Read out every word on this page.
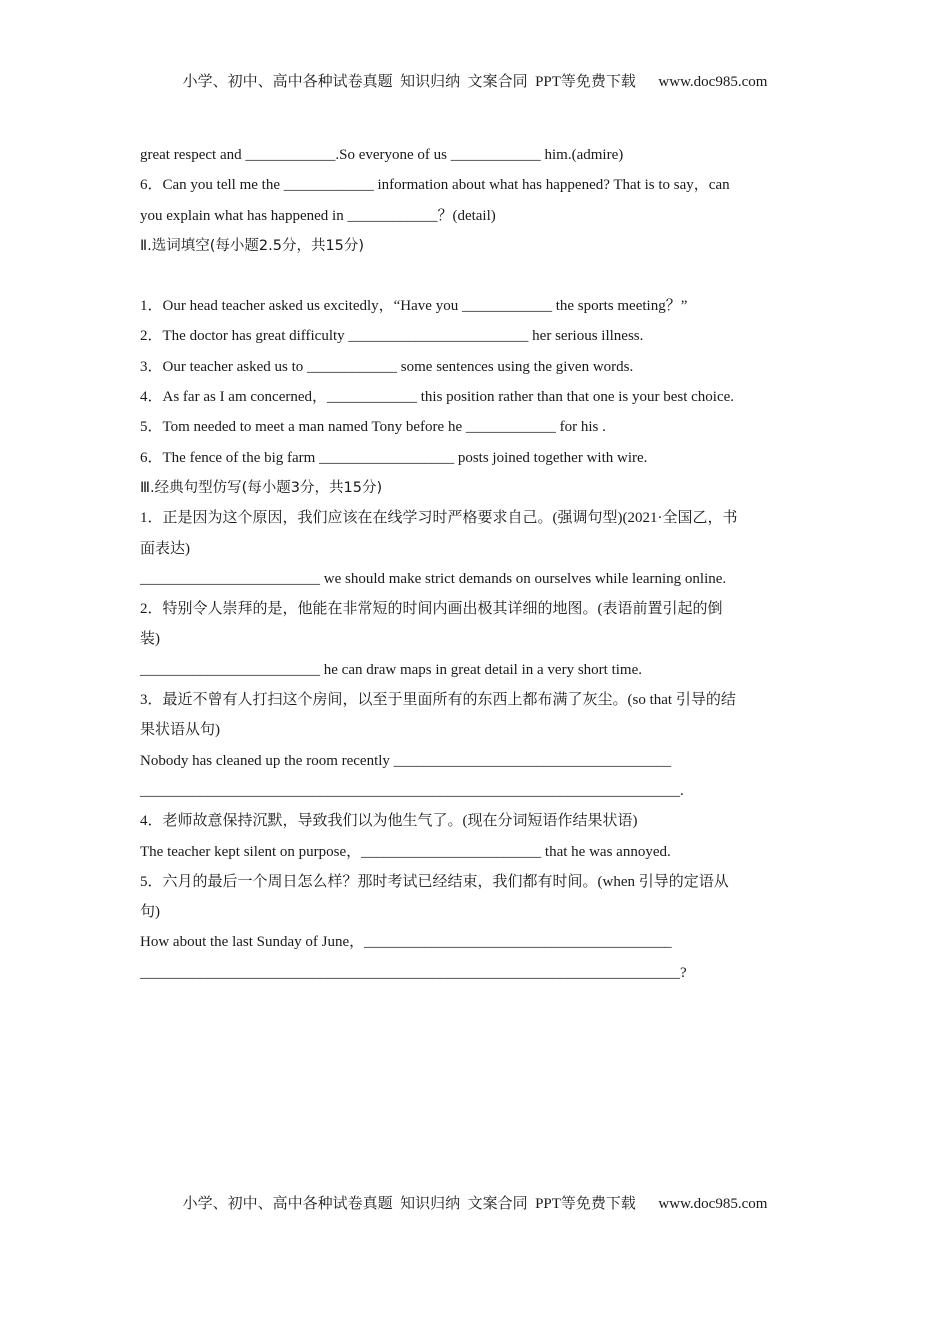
小学、初中、高中各种试卷真题  知识归纳  文案合同  PPT等免费下载      www.doc985.com
great respect and ____________.So everyone of us ____________ him.(admire)
6．Can you tell me the ____________ information about what has happened? That is to say，can
you explain what has happened in ____________？(detail)
Ⅱ.选词填空(每小题2.5分，共15分)
1．Our head teacher asked us excitedly，“Have you ____________ the sports meeting？”
2．The doctor has great difficulty ________________________ her serious illness.
3．Our teacher asked us to ____________ some sentences using the given words.
4．As far as I am concerned，____________ this position rather than that one is your best choice.
5．Tom needed to meet a man named Tony before he ____________ for his .
6．The fence of the big farm __________________ posts joined together with wire.
Ⅲ.经典句型仿写(每小题3分，共15分)
1．正是因为这个原因，我们应该在在线学习时严格要求自己。(强调句型)(2021·全国乙，书
面表达)
________________________ we should make strict demands on ourselves while learning online.
2．特别令人崇拜的是，他能在非常短的时间内画出极其详细的地图。(表语前置引起的倒
装)
________________________ he can draw maps in great detail in a very short time.
3．最近不曾有人打扫这个房间，以至于里面所有的东西上都布满了灰尘。(so that 引导的结
果状语从句)
Nobody has cleaned up the room recently _____________________________________
________________________________________________________________________.
4．老师故意保持沉默，导致我们以为他生气了。(现在分词短语作结果状语)
The teacher kept silent on purpose，________________________ that he was annoyed.
5．六月的最后一个周日怎么样？那时考试已经结束，我们都有时间。(when 引导的定语从
句)
How about the last Sunday of June，_________________________________________
________________________________________________________________________?
小学、初中、高中各种试卷真题  知识归纳  文案合同  PPT等免费下载      www.doc985.com
